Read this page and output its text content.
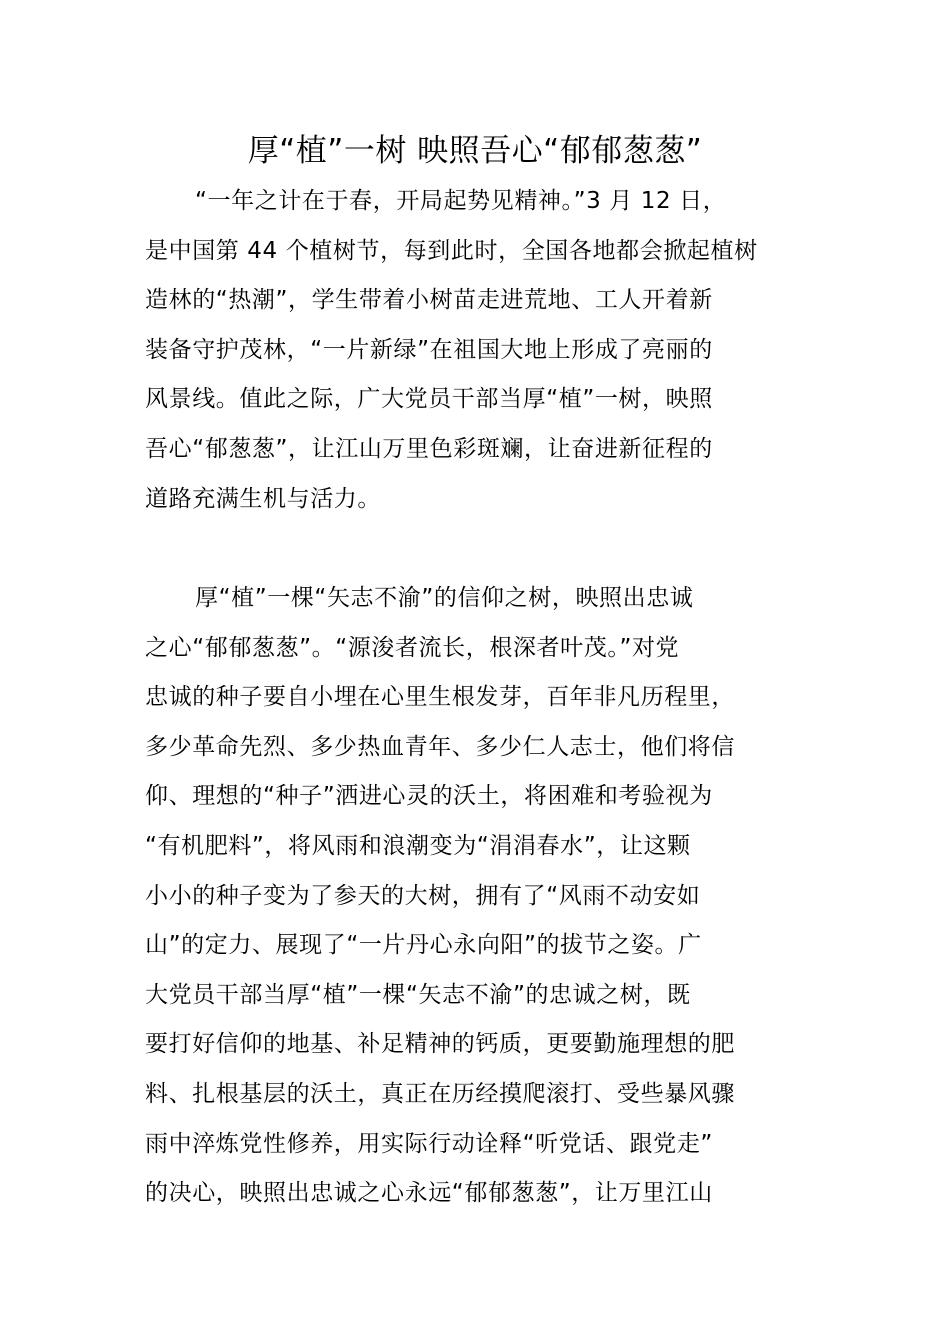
厚“植”一树 映照吾心“郁郁葱葱”
“一年之计在于春，开局起势见精神。”3 月 12 日，
是中国第 44 个植树节，每到此时，全国各地都会掀起植树
造林的“热潮”，学生带着小树苗走进荒地、工人开着新
装备守护茂林，“一片新绿”在祖国大地上形成了亮丽的
风景线。值此之际，广大党员干部当厚“植”一树，映照
吾心“郁葱葱”，让江山万里色彩斑斓，让奋进新征程的
道路充满生机与活力。
厚“植”一棵“矢志不渝”的信仰之树，映照出忠诚
之心“郁郁葱葱”。“源浚者流长，根深者叶茂。”对党
忠诚的种子要自小埋在心里生根发芽，百年非凡历程里，
多少革命先烈、多少热血青年、多少仁人志士，他们将信
仰、理想的“种子”洒进心灵的沃土，将困难和考验视为
“有机肥料”，将风雨和浪潮变为“涓涓春水”，让这颗
小小的种子变为了参天的大树，拥有了“风雨不动安如
山”的定力、展现了“一片丹心永向阳”的拔节之姿。广
大党员干部当厚“植”一棵“矢志不渝”的忠诚之树，既
要打好信仰的地基、补足精神的钙质，更要勤施理想的肥
料、扎根基层的沃土，真正在历经摸爬滚打、受些暴风骤
雨中淬炼党性修养，用实际行动诠释“听党话、跟党走”
的决心，映照出忠诚之心永远“郁郁葱葱”，让万里江山
